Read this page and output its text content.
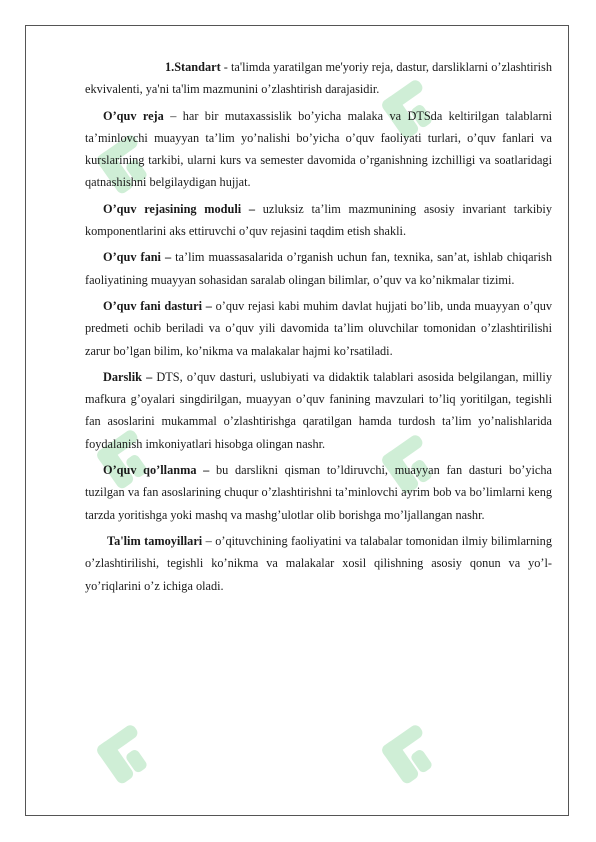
1.Standart - ta'limda yaratilgan me'yoriy reja, dastur, darsliklarni o’zlashtirish ekvivalenti, ya'ni ta'lim mazmunini o’zlashtirish darajasidir.

O’quv reja – har bir mutaxassislik bo’yicha malaka va DTSda keltirilgan talablarni ta’minlovchi muayyan ta’lim yo’nalishi bo’yicha o’quv faoliyati turlari, o’quv fanlari va kurslarining tarkibi, ularni kurs va semester davomida o’rganishning izchilligi va soatlaridagi qatnashishni belgilaydigan hujjat.

O’quv rejasining moduli – uzluksiz ta’lim mazmunining asosiy invariant tarkibiy komponentlarini aks ettiruvchi o’quv rejasini taqdim etish shakli.

O’quv fani – ta’lim muassasalarida o’rganish uchun fan, texnika, san’at, ishlab chiqarish faoliyatining muayyan sohasidan saralab olingan bilimlar, o’quv va ko’nikmalar tizimi.

O’quv fani dasturi – o’quv rejasi kabi muhim davlat hujjati bo’lib, unda muayyan o’quv predmeti ochib beriladi va o’quv yili davomida ta’lim oluvchilar tomonidan o’zlashtirilishi zarur bo’lgan bilim, ko’nikma va malakalar hajmi ko’rsatiladi.

Darslik – DTS, o’quv dasturi, uslubiyati va didaktik talablari asosida belgilangan, milliy mafkura g’oyalari singdirilgan, muayyan o’quv fanining mavzulari to’liq yoritilgan, tegishli fan asoslarini mukammal o’zlashtirishga qaratilgan hamda turdosh ta’lim yo’nalishlarida foydalanish imkoniyatlari hisobga olingan nashr.

O’quv qo’llanma – bu darslikni qisman to’ldiruvchi, muayyan fan dasturi bo’yicha tuzilgan va fan asoslarining chuqur o’zlashtirishni ta’minlovchi ayrim bob va bo’limlarni keng tarzda yoritishga yoki mashq va mashg’ulotlar olib borishga mo’ljallangan nashr.

Ta'lim tamoyillari – o’qituvchining faoliyatini va talabalar tomonidan ilmiy bilimlarning o’zlashtirilishi, tegishli ko’nikma va malakalar xosil qilishning asosiy qonun va yo’l-yo’riqlarini o’z ichiga oladi.
